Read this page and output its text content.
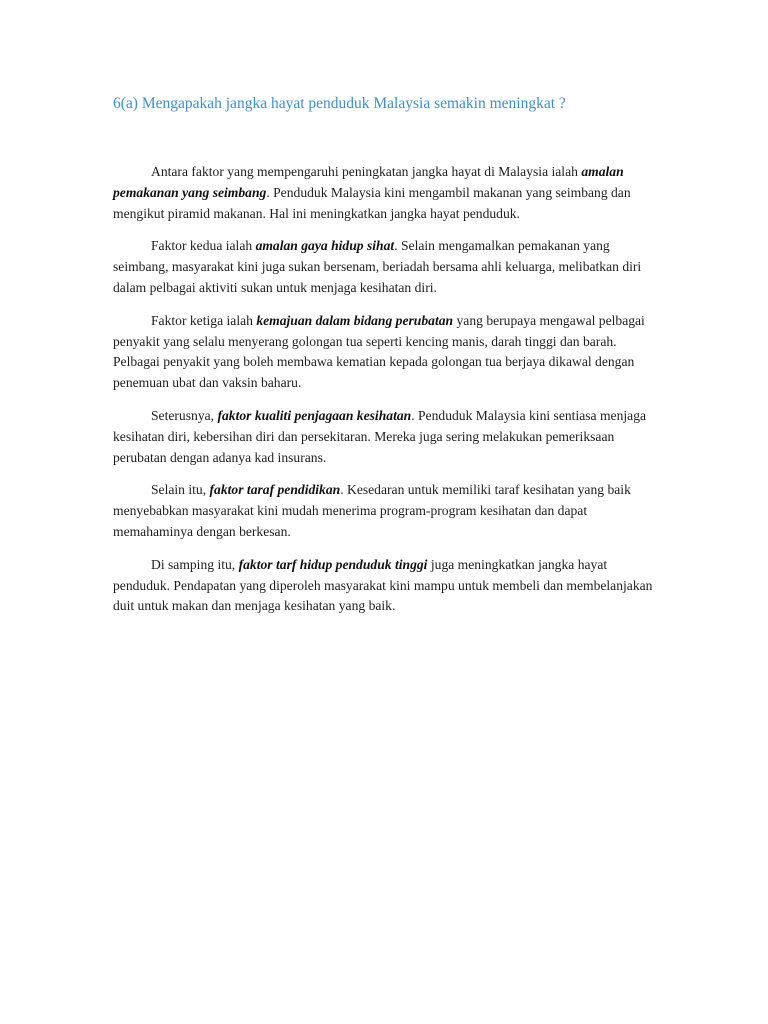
6(a) Mengapakah jangka hayat penduduk Malaysia semakin meningkat ?

Antara faktor yang mempengaruhi peningkatan jangka hayat di Malaysia ialah amalan pemakanan yang seimbang. Penduduk Malaysia kini mengambil makanan yang seimbang dan mengikut piramid makanan. Hal ini meningkatkan jangka hayat penduduk.

Faktor kedua ialah amalan gaya hidup sihat. Selain mengamalkan pemakanan yang seimbang, masyarakat kini juga sukan bersenam, beriadah bersama ahli keluarga, melibatkan diri dalam pelbagai aktiviti sukan untuk menjaga kesihatan diri.

Faktor ketiga ialah kemajuan dalam bidang perubatan yang berupaya mengawal pelbagai penyakit yang selalu menyerang golongan tua seperti kencing manis, darah tinggi dan barah. Pelbagai penyakit yang boleh membawa kematian kepada golongan tua berjaya dikawal dengan penemuan ubat dan vaksin baharu.

Seterusnya, faktor kualiti penjagaan kesihatan. Penduduk Malaysia kini sentiasa menjaga kesihatan diri, kebersihan diri dan persekitaran. Mereka juga sering melakukan pemeriksaan perubatan dengan adanya kad insurans.

Selain itu, faktor taraf pendidikan. Kesedaran untuk memiliki taraf kesihatan yang baik menyebabkan masyarakat kini mudah menerima program-program kesihatan dan dapat memahaminya dengan berkesan.

Di samping itu, faktor tarf hidup penduduk tinggi juga meningkatkan jangka hayat penduduk. Pendapatan yang diperoleh masyarakat kini mampu untuk membeli dan membelanjakan duit untuk makan dan menjaga kesihatan yang baik.
